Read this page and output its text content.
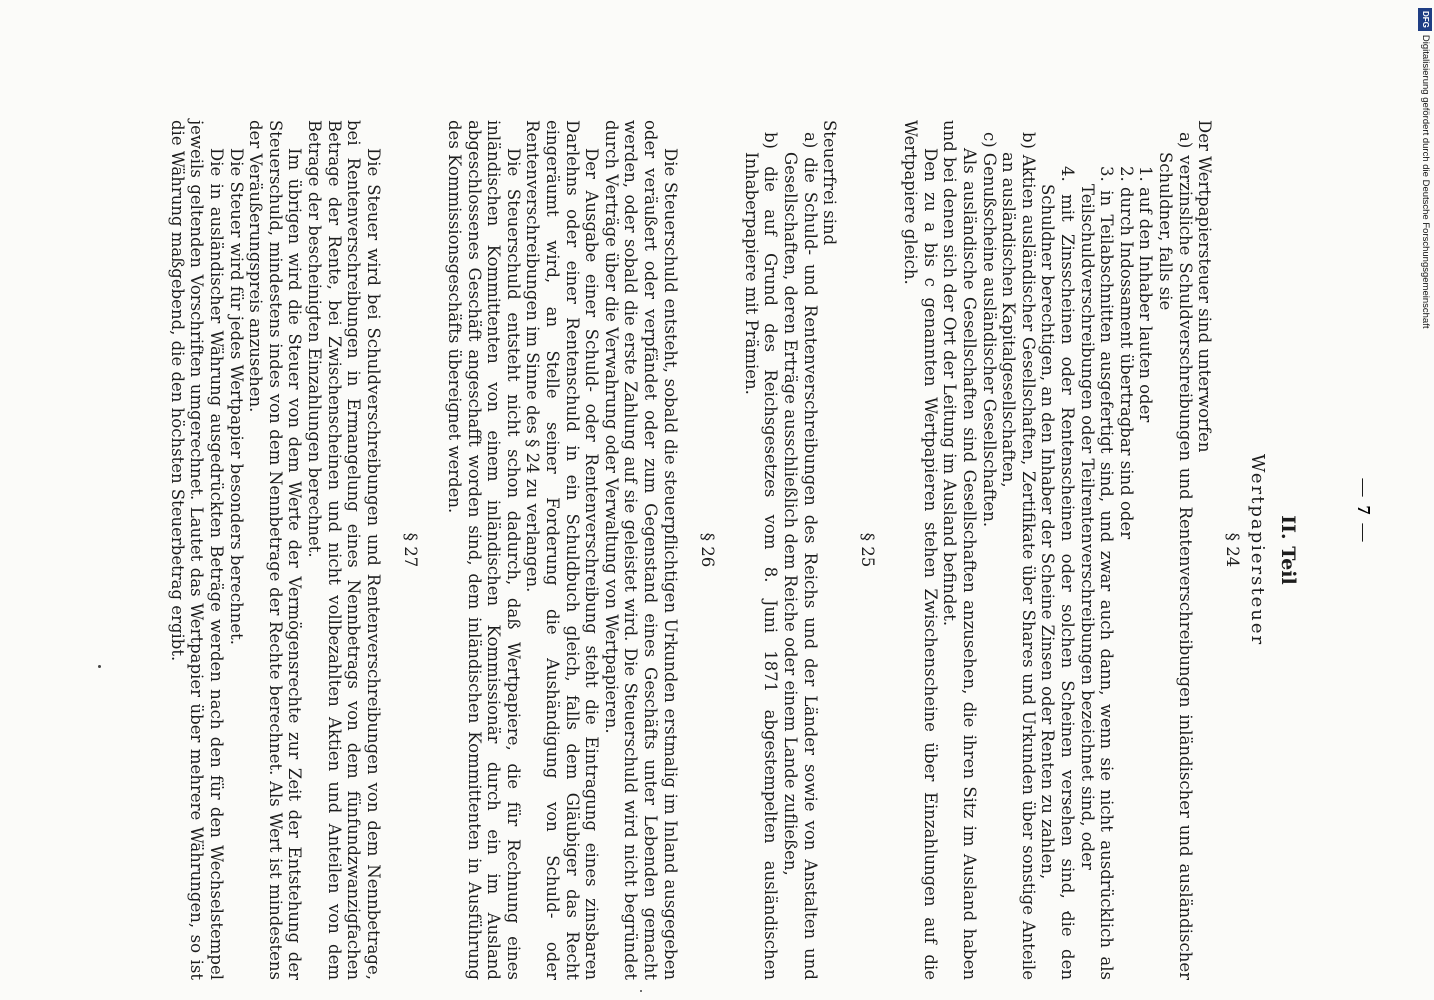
—  7  —
II. Teil
Wertpapiersteuer
§ 24

Der Wertpapiersteuer sind unterworfen

a) verzinsliche Schuldverschreibungen und Rentenverschreibungen inländischer und ausländischer Schuldner, falls sie

1. auf den Inhaber lauten oder

2. durch Indossament übertragbar sind oder

3. in Teilabschnitten ausgefertigt sind, und zwar auch dann, wenn sie nicht ausdrücklich als Teilschuldverschreibungen oder Teilrentenverschreibungen bezeichnet sind, oder

4. mit Zinsscheinen oder Rentenscheinen oder solchen Scheinen versehen sind, die den Schuldner berechtigen, an den Inhaber der Scheine Zinsen oder Renten zu zahlen,

b) Aktien ausländischer Gesellschaften, Zertifikate über Shares und Urkunden über sonstige Anteile an ausländischen Kapitalgesellschaften,

c) Genußscheine ausländischer Gesellschaften.

Als ausländische Gesellschaften sind Gesellschaften anzusehen, die ihren Sitz im Ausland haben und bei denen sich der Ort der Leitung im Ausland befindet.

Den zu a bis c genannten Wertpapieren stehen Zwischenscheine über Einzahlungen auf die Wertpapiere gleich.

§ 25

Steuerfrei sind

a) die Schuld- und Rentenverschreibungen des Reichs und der Länder sowie von Anstalten und Gesellschaften, deren Erträge ausschließlich dem Reiche oder einem Lande zufließen,

b) die auf Grund des Reichsgesetzes vom 8. Juni 1871 abgestempelten ausländischen Inhaberpapiere mit Prämien.

§ 26

Die Steuerschuld entsteht, sobald die steuerpflichtigen Urkunden erstmalig im Inland ausgegeben oder veräußert oder verpfändet oder zum Gegenstand eines Geschäfts unter Lebenden gemacht werden, oder sobald die erste Zahlung auf sie geleistet wird. Die Steuerschuld wird nicht begründet durch Verträge über die Verwahrung oder Verwaltung von Wertpapieren.

Der Ausgabe einer Schuld- oder Rentenverschreibung steht die Eintragung eines zinsbaren Darlehns oder einer Rentenschuld in ein Schuldbuch gleich, falls dem Gläubiger das Recht eingeräumt wird, an Stelle seiner Forderung die Aushändigung von Schuld- oder Rentenverschreibungen im Sinne des § 24 zu verlangen.

Die Steuerschuld entsteht nicht schon dadurch, daß Wertpapiere, die für Rechnung eines inländischen Kommittenten von einem inländischen Kommissionär durch ein im Ausland abgeschlossenes Geschäft angeschafft worden sind, dem inländischen Kommittenten in Ausführung des Kommissionsgeschäfts übereignet werden.

§ 27

Die Steuer wird bei Schuldverschreibungen und Rentenverschreibungen von dem Nennbetrage, bei Rentenverschreibungen in Ermangelung eines Nennbetrags von dem fünfundzwanzigfachen Betrage der Rente, bei Zwischenscheinen und nicht vollbezahlten Aktien und Anteilen von dem Betrage der bescheinigten Einzahlungen berechnet.

Im übrigen wird die Steuer von dem Werte der Vermögensrechte zur Zeit der Entstehung der Steuerschuld, mindestens indes von dem Nennbetrage der Rechte berechnet. Als Wert ist mindestens der Veräußerungspreis anzusehen.

Die Steuer wird für jedes Wertpapier besonders berechnet.

Die in ausländischer Währung ausgedrückten Beträge werden nach den für den Wechselstempel jeweils geltenden Vorschriften umgerechnet. Lautet das Wertpapier über mehrere Währungen, so ist die Währung maßgebend, die den höchsten Steuerbetrag ergibt.

DFGDigitalisierung gefördert durch die Deutsche Forschungsgemeinschaft
